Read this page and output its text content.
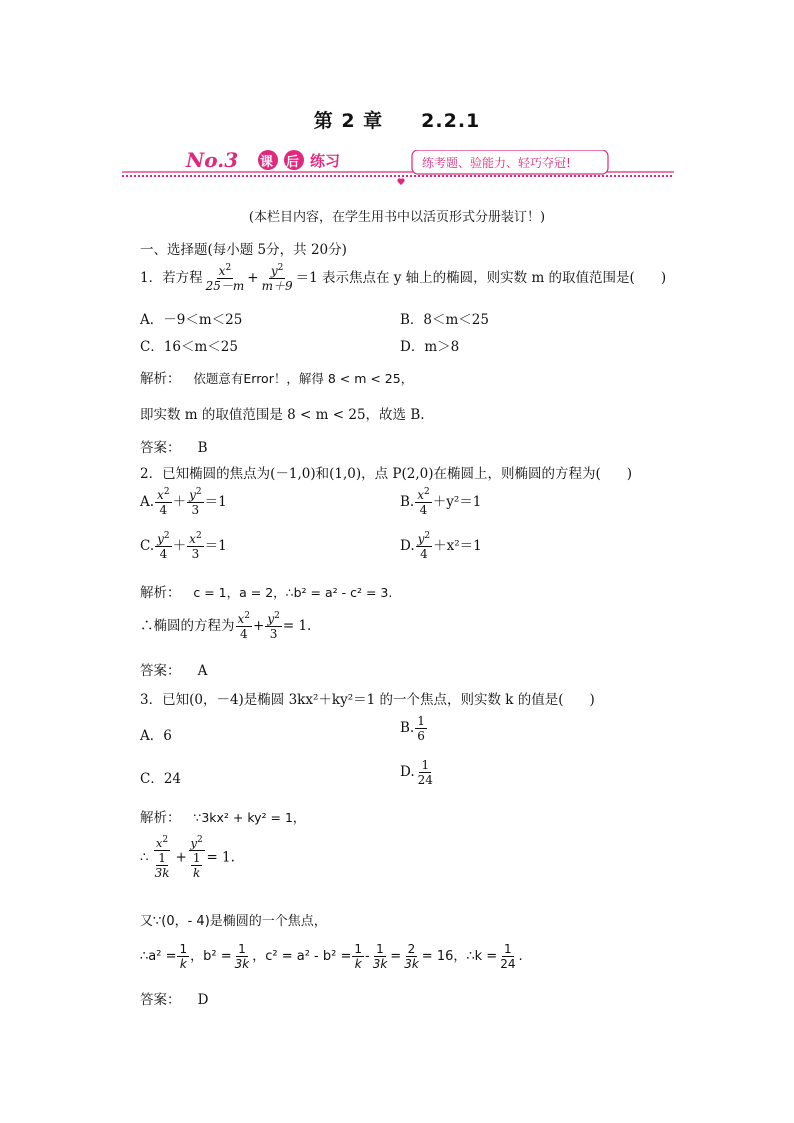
第 2 章 2.2.1
No.3 课 后 练习	练考题、验能力、轻巧夺冠!
(本栏目内容，在学生用书中以活页形式分册装订！)
一、选择题(每小题 5分，共 20分)
1．若方程 $\frac{x^2}{25-m} + \frac{y^2}{m+9} =1$ 表示焦点在 y 轴上的椭圆，则实数 m 的取值范围是( )
A．－9＜m＜25	B．8＜m＜25
C．16＜m＜25	D．m＞8
解析： 依题意有Error！，解得 8 < m < 25，
即实数 m 的取值范围是 8 < m < 25，故选 B.
答案： B
2．已知椭圆的焦点为(－1,0)和(1,0)，点 P(2,0)在椭圆上，则椭圆的方程为( )
A. $\frac{x^2}{4} + \frac{y^2}{3} =1$	B. $\frac{x^2}{4} +y^2=1$
C. $\frac{y^2}{4} + \frac{x^2}{3} =1$	D. $\frac{y^2}{4} +x^2=1$
解析： c = 1，a = 2，∴b² = a² - c² = 3.
∴椭圆的方程为 $\frac{x^2}{4} + \frac{y^2}{3} = 1$.
答案： A
3．已知(0，－4)是椭圆 3kx²＋ky²＝1 的一个焦点，则实数 k 的值是( )
A．6	B. $\frac{1}{6}$
C．24	D. $\frac{1}{24}$
解析： ∵3kx² + ky² = 1，
∴ $\frac{x^2}{\frac{1}{3k}} + \frac{y^2}{\frac{1}{k}} = 1$.
又∵(0，- 4)是椭圆的一个焦点，
∴a² = $\frac{1}{k}$ ，$b^2 = \frac{1}{3k}$ ，$c^2 = a^2 - b^2 = \frac{1}{k} - \frac{1}{3k} = \frac{2}{3k} = 16$，∴k = $\frac{1}{24}$ .
答案： D
